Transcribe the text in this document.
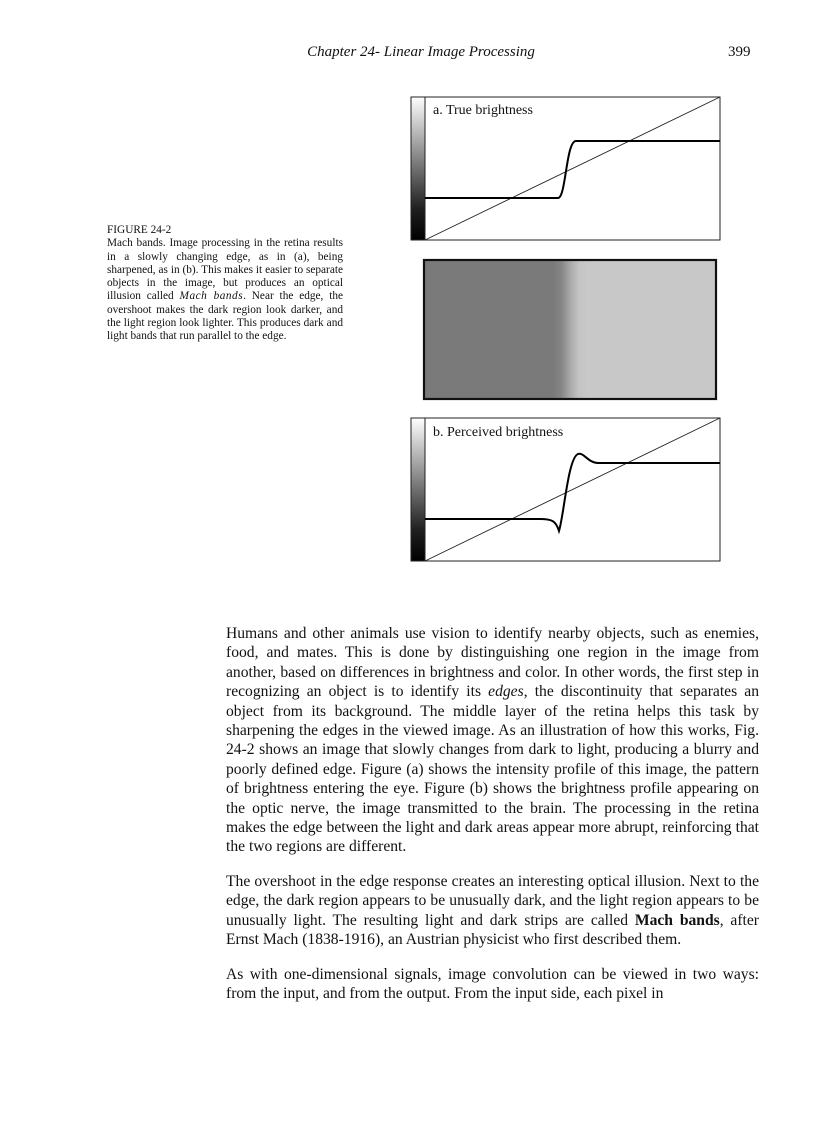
Chapter 24- Linear Image Processing	399
FIGURE 24-2
Mach bands. Image processing in the retina results in a slowly changing edge, as in (a), being sharpened, as in (b). This makes it easier to separate objects in the image, but produces an optical illusion called Mach bands. Near the edge, the overshoot makes the dark region look darker, and the light region look lighter. This produces dark and light bands that run parallel to the edge.
a. True brightness
b. Perceived brightness

Humans and other animals use vision to identify nearby objects, such as enemies, food, and mates. This is done by distinguishing one region in the image from another, based on differences in brightness and color. In other words, the first step in recognizing an object is to identify its edges, the discontinuity that separates an object from its background. The middle layer of the retina helps this task by sharpening the edges in the viewed image. As an illustration of how this works, Fig. 24-2 shows an image that slowly changes from dark to light, producing a blurry and poorly defined edge. Figure (a) shows the intensity profile of this image, the pattern of brightness entering the eye. Figure (b) shows the brightness profile appearing on the optic nerve, the image transmitted to the brain. The processing in the retina makes the edge between the light and dark areas appear more abrupt, reinforcing that the two regions are different.

The overshoot in the edge response creates an interesting optical illusion. Next to the edge, the dark region appears to be unusually dark, and the light region appears to be unusually light. The resulting light and dark strips are called Mach bands, after Ernst Mach (1838-1916), an Austrian physicist who first described them.

As with one-dimensional signals, image convolution can be viewed in two ways: from the input, and from the output. From the input side, each pixel in
